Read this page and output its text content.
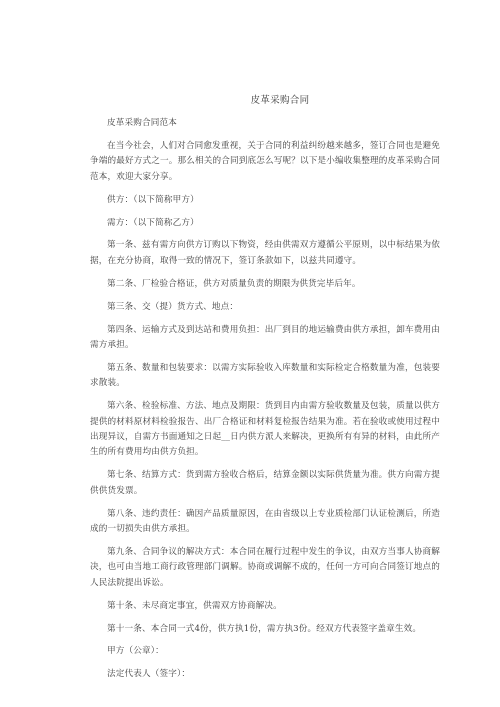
皮革采购合同
皮革采购合同范本
在当今社会，人们对合同愈发重视，关于合同的利益纠纷越来越多，签订合同也是避免争端的最好方式之一。那么相关的合同到底怎么写呢？以下是小编收集整理的皮革采购合同范本，欢迎大家分享。
供方：（以下简称甲方）
需方：（以下简称乙方）
第一条、兹有需方向供方订购以下物资，经由供需双方遵循公平原则，以中标结果为依据，在充分协商，取得一致的情况下，签订条款如下，以兹共同遵守。
第二条、厂检验合格证，供方对质量负责的期限为供货完毕后年。
第三条、交（提）货方式、地点：
第四条、运输方式及到达站和费用负担：出厂到目的地运输费由供方承担，卸车费用由需方承担。
第五条、数量和包装要求：以需方实际验收入库数量和实际检定合格数量为准，包装要求散装。
第六条、检验标准、方法、地点及期限：货到目内由需方验收数量及包装，质量以供方提供的材料原材料检验报告、出厂合格证和材料复检报告结果为准。若在验收或使用过程中出现异议，自需方书面通知之日起__日内供方派人来解决，更换所有有异的材料，由此所产生的所有费用均由供方负担。
第七条、结算方式：货到需方验收合格后，结算金额以实际供货量为准。供方向需方提供供货发票。
第八条、违约责任：确因产品质量原因，在由省级以上专业质检部门认证检测后，所造成的一切损失由供方承担。
第九条、合同争议的解决方式：本合同在履行过程中发生的争议，由双方当事人协商解决，也可由当地工商行政管理部门调解。协商或调解不成的，任何一方可向合同签订地点的人民法院提出诉讼。
第十条、未尽商定事宜，供需双方协商解决。
第十一条、本合同一式4份，供方执1份，需方执3份。经双方代表签字盖章生效。
甲方（公章）：
法定代表人（签字）：
